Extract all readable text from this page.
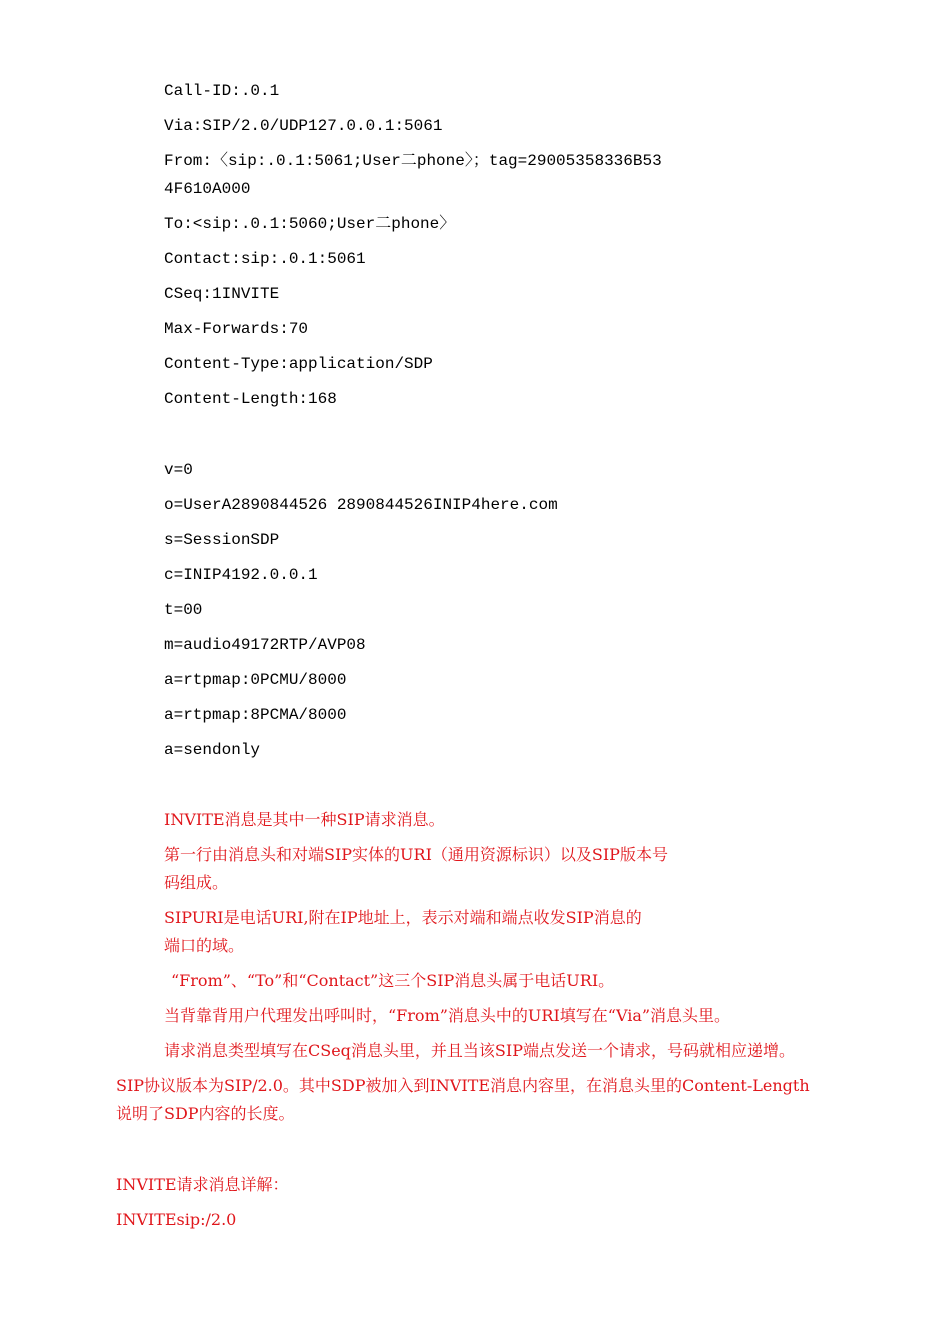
Call-ID:.0.1

Via:SIP/2.0/UDP127.0.0.1:5061

From:〈sip:.0.1:5061;User二phone〉；tag=29005358336B53

4F610A000

To:<sip:.0.1:5060;User二phone〉

Contact:sip:.0.1:5061

CSeq:1INVITE

Max-Forwards:70

Content-Type:application/SDP

Content-Length:168

v=0

o=UserA2890844526 2890844526INIP4here.com

s=SessionSDP

c=INIP4192.0.0.1

t=00

m=audio49172RTP/AVP08

a=rtpmap:0PCMU/8000

a=rtpmap:8PCMA/8000

a=sendonly

INVITE消息是其中一种SIP请求消息。

第一行由消息头和对端SIP实体的URI（通用资源标识）以及SIP版本号

码组成。

SIPURI是电话URI,附在IP地址上，表示对端和端点收发SIP消息的

端口的域。

“From”、“To”和“Contact”这三个SIP消息头属于电话URI。

当背靠背用户代理发出呼叫时，“From”消息头中的URI填写在“Via”消息头里。

请求消息类型填写在CSeq消息头里，并且当该SIP端点发送一个请求，号码就相应递增。

SIP协议版本为SIP/2.0。其中SDP被加入到INVITE消息内容里，在消息头里的Content-Length

说明了SDP内容的长度。

INVITE请求消息详解：

INVITEsip:/2.0
